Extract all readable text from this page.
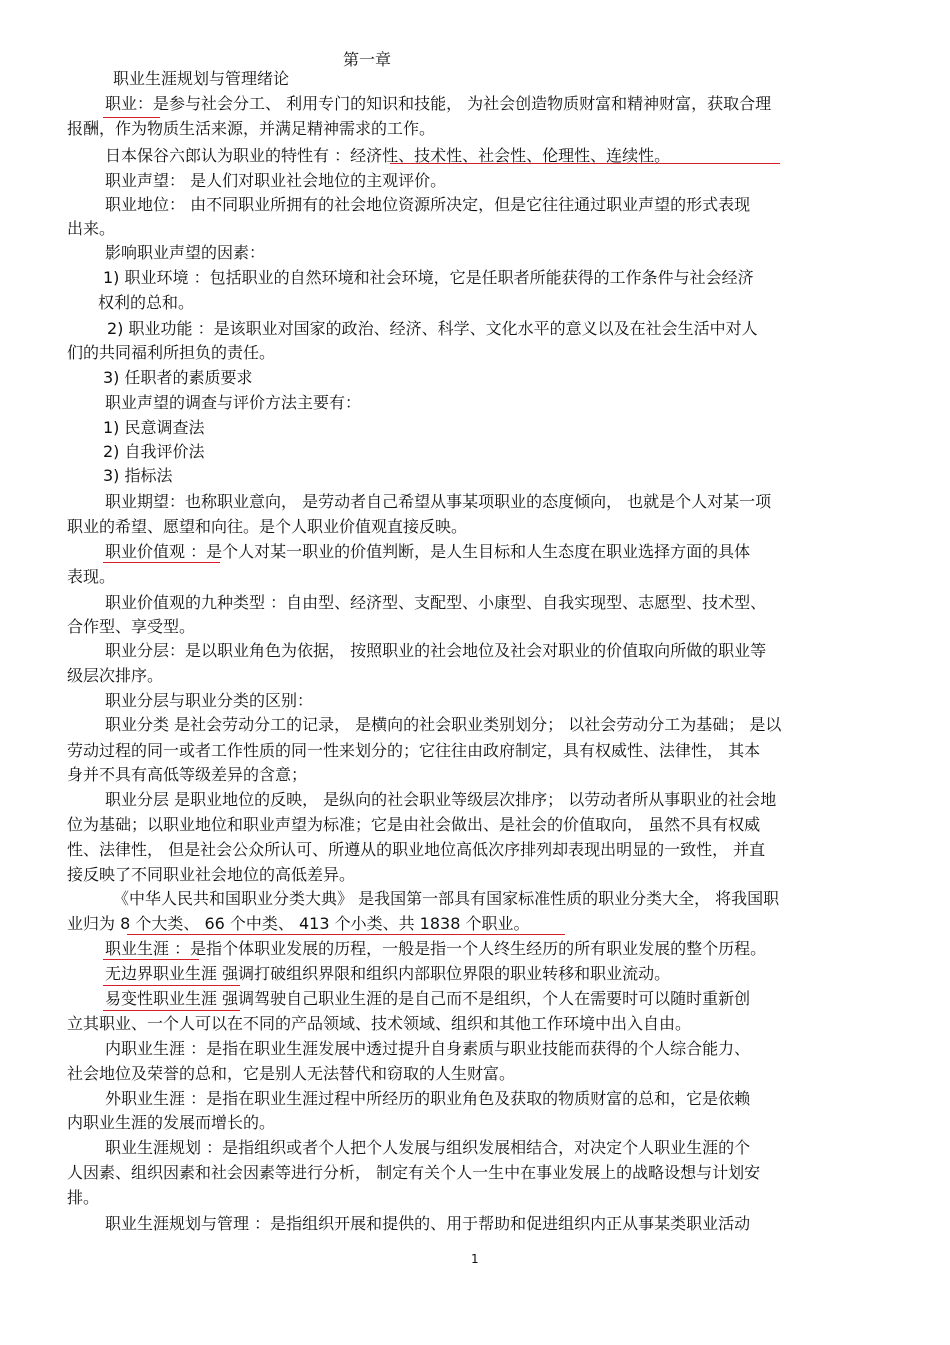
第一章
职业生涯规划与管理绪论
职业：是参与社会分工、 利用专门的知识和技能， 为社会创造物质财富和精神财富，获取合理
报酬，作为物质生活来源，并满足精神需求的工作。
日本保谷六郎认为职业的特性有 ：经济性、技术性、社会性、伦理性、连续性。
职业声望： 是人们对职业社会地位的主观评价。
职业地位： 由不同职业所拥有的社会地位资源所决定，但是它往往通过职业声望的形式表现
出来。
影响职业声望的因素：
1) 职业环境 ：包括职业的自然环境和社会环境，它是任职者所能获得的工作条件与社会经济
权利的总和。
2) 职业功能 ：是该职业对国家的政治、经济、科学、文化水平的意义以及在社会生活中对人
们的共同福利所担负的责任。
3) 任职者的素质要求
职业声望的调查与评价方法主要有：
1) 民意调查法
2) 自我评价法
3) 指标法
职业期望：也称职业意向， 是劳动者自己希望从事某项职业的态度倾向， 也就是个人对某一项
职业的希望、愿望和向往。是个人职业价值观直接反映。
职业价值观 ：是个人对某一职业的价值判断，是人生目标和人生态度在职业选择方面的具体
表现。
职业价值观的九种类型 ：自由型、经济型、支配型、小康型、自我实现型、志愿型、技术型、
合作型、享受型。
职业分层：是以职业角色为依据， 按照职业的社会地位及社会对职业的价值取向所做的职业等
级层次排序。
职业分层与职业分类的区别：
职业分类 是社会劳动分工的记录， 是横向的社会职业类别划分； 以社会劳动分工为基础； 是以
劳动过程的同一或者工作性质的同一性来划分的；它往往由政府制定，具有权威性、法律性， 其本
身并不具有高低等级差异的含意；
职业分层 是职业地位的反映， 是纵向的社会职业等级层次排序； 以劳动者所从事职业的社会地
位为基础；以职业地位和职业声望为标准；它是由社会做出、是社会的价值取向， 虽然不具有权威
性、法律性， 但是社会公众所认可、所遵从的职业地位高低次序排列却表现出明显的一致性， 并直
接反映了不同职业社会地位的高低差异。
《中华人民共和国职业分类大典》 是我国第一部具有国家标准性质的职业分类大全， 将我国职
业归为 8 个大类、 66 个中类、 413 个小类、共 1838 个职业。
职业生涯 ：是指个体职业发展的历程，一般是指一个人终生经历的所有职业发展的整个历程。
无边界职业生涯 强调打破组织界限和组织内部职位界限的职业转移和职业流动。
易变性职业生涯 强调驾驶自己职业生涯的是自己而不是组织，个人在需要时可以随时重新创
立其职业、一个人可以在不同的产品领域、技术领域、组织和其他工作环境中出入自由。
内职业生涯 ：是指在职业生涯发展中透过提升自身素质与职业技能而获得的个人综合能力、
社会地位及荣誉的总和，它是别人无法替代和窃取的人生财富。
外职业生涯 ：是指在职业生涯过程中所经历的职业角色及获取的物质财富的总和，它是依赖
内职业生涯的发展而增长的。
职业生涯规划 ：是指组织或者个人把个人发展与组织发展相结合，对决定个人职业生涯的个
人因素、组织因素和社会因素等进行分析， 制定有关个人一生中在事业发展上的战略设想与计划安
排。
职业生涯规划与管理 ：是指组织开展和提供的、用于帮助和促进组织内正从事某类职业活动
1
